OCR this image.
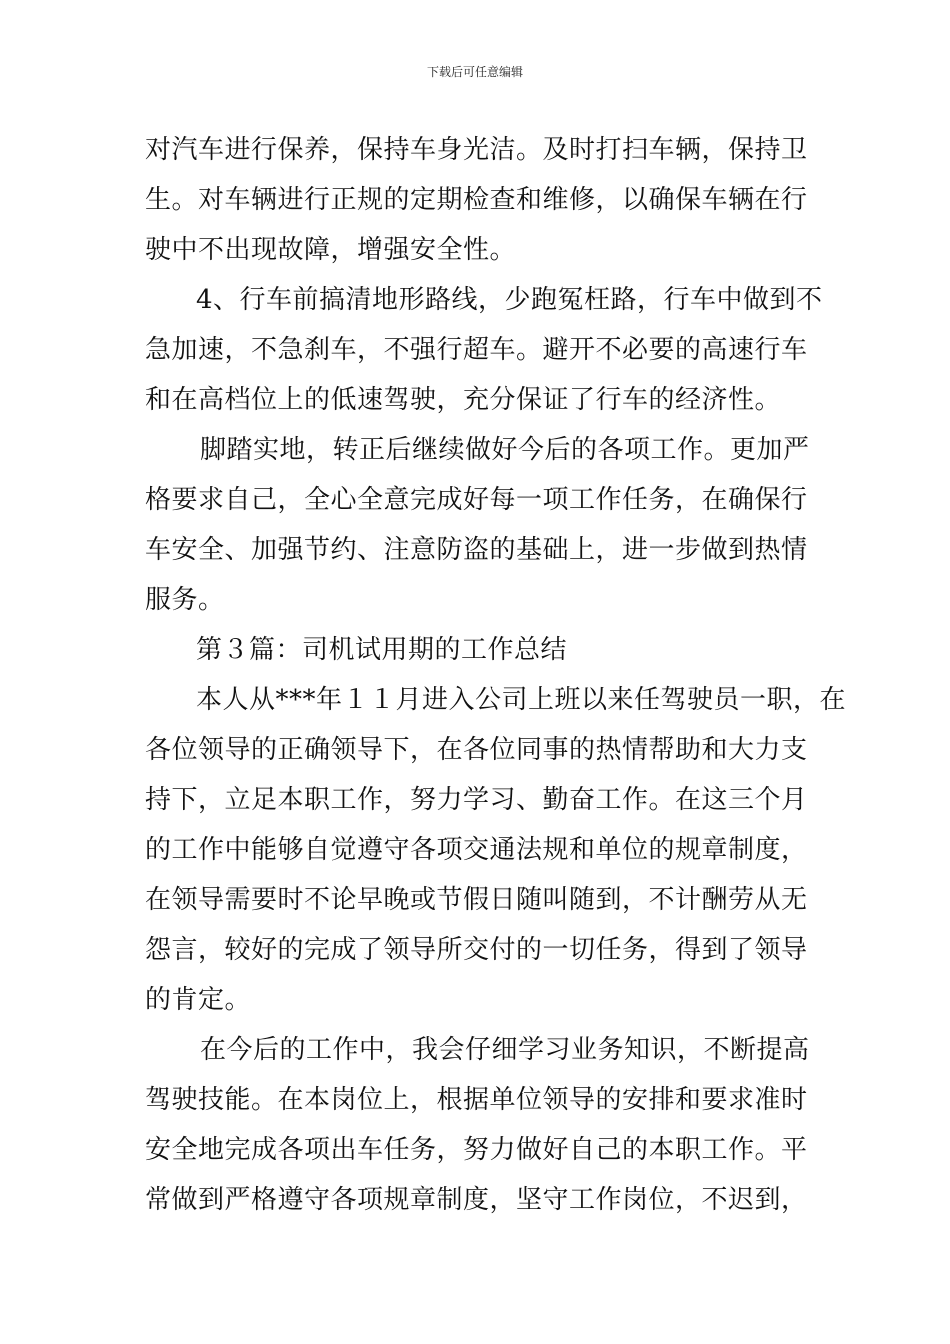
下载后可任意编辑
对汽车进行保养，保持车身光洁。及时打扫车辆，保持卫
生。对车辆进行正规的定期检查和维修，以确保车辆在行
驶中不出现故障，增强安全性。
4、行车前搞清地形路线，少跑冤枉路，行车中做到不
急加速，不急刹车，不强行超车。避开不必要的高速行车
和在高档位上的低速驾驶，充分保证了行车的经济性。
脚踏实地，转正后继续做好今后的各项工作。更加严
格要求自己，全心全意完成好每一项工作任务，在确保行
车安全、加强节约、注意防盗的基础上，进一步做到热情
服务。
第３篇：司机试用期的工作总结
本人从***年１１月进入公司上班以来任驾驶员一职，在
各位领导的正确领导下，在各位同事的热情帮助和大力支
持下，立足本职工作，努力学习、勤奋工作。在这三个月
的工作中能够自觉遵守各项交通法规和单位的规章制度，
在领导需要时不论早晚或节假日随叫随到，不计酬劳从无
怨言，较好的完成了领导所交付的一切任务，得到了领导
的肯定。
在今后的工作中，我会仔细学习业务知识，不断提高
驾驶技能。在本岗位上，根据单位领导的安排和要求准时
安全地完成各项出车任务，努力做好自己的本职工作。平
常做到严格遵守各项规章制度，坚守工作岗位，不迟到，
